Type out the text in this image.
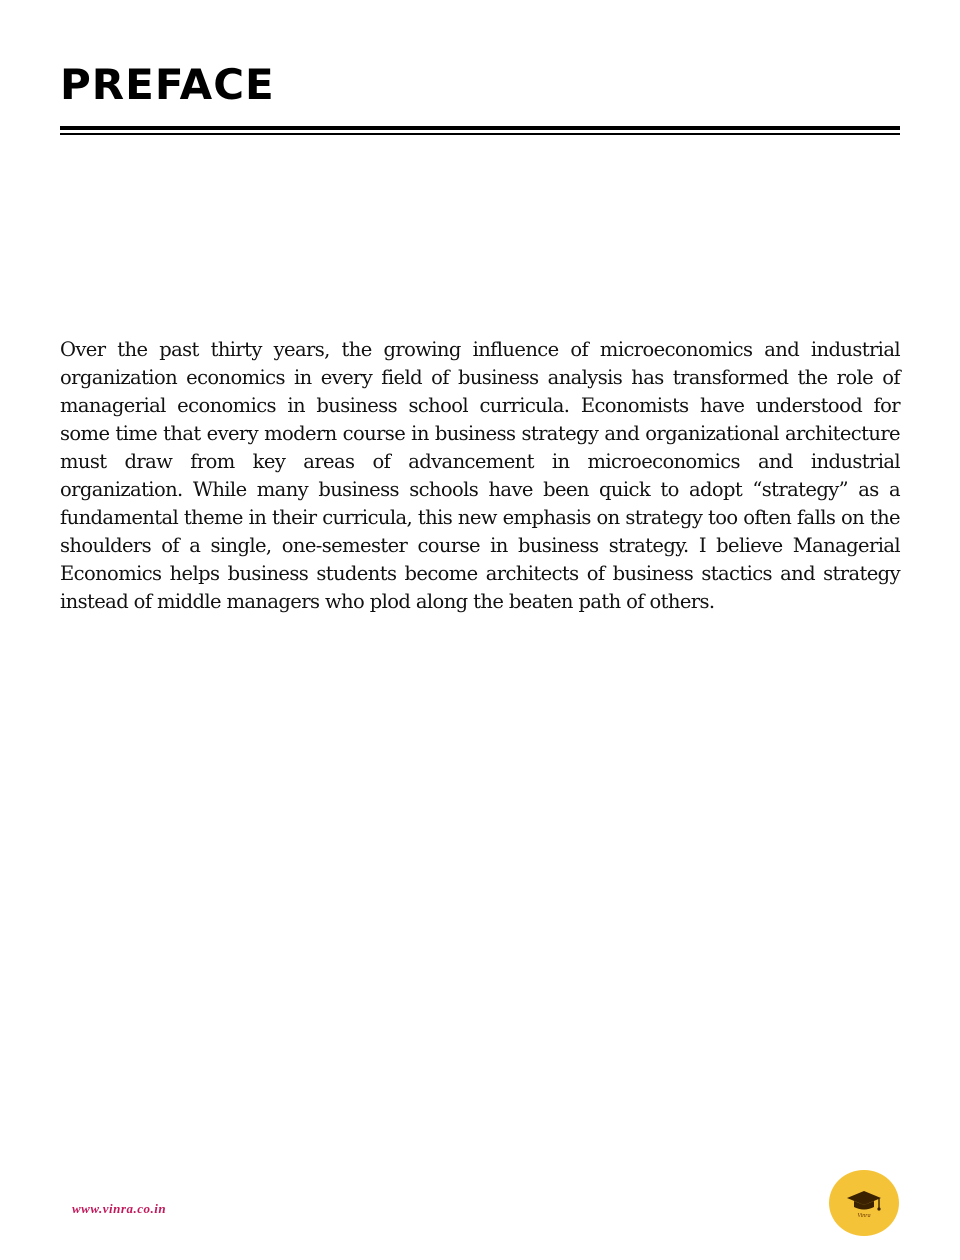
PREFACE

Over the past thirty years, the growing influence of microeconomics and industrial organization economics in every field of business analysis has transformed the role of managerial economics in business school curricula. Economists have understood for some time that every modern course in business strategy and organizational architecture must draw from key areas of advancement in microeconomics and industrial organization. While many business schools have been quick to adopt “strategy” as a fundamental theme in their curricula, this new emphasis on strategy too often falls on the shoulders of a single, one-semester course in business strategy. I believe Managerial Economics helps business students become architects of business stactics and strategy instead of middle managers who plod along the beaten path of others.

www.vinra.co.in	Vinra
